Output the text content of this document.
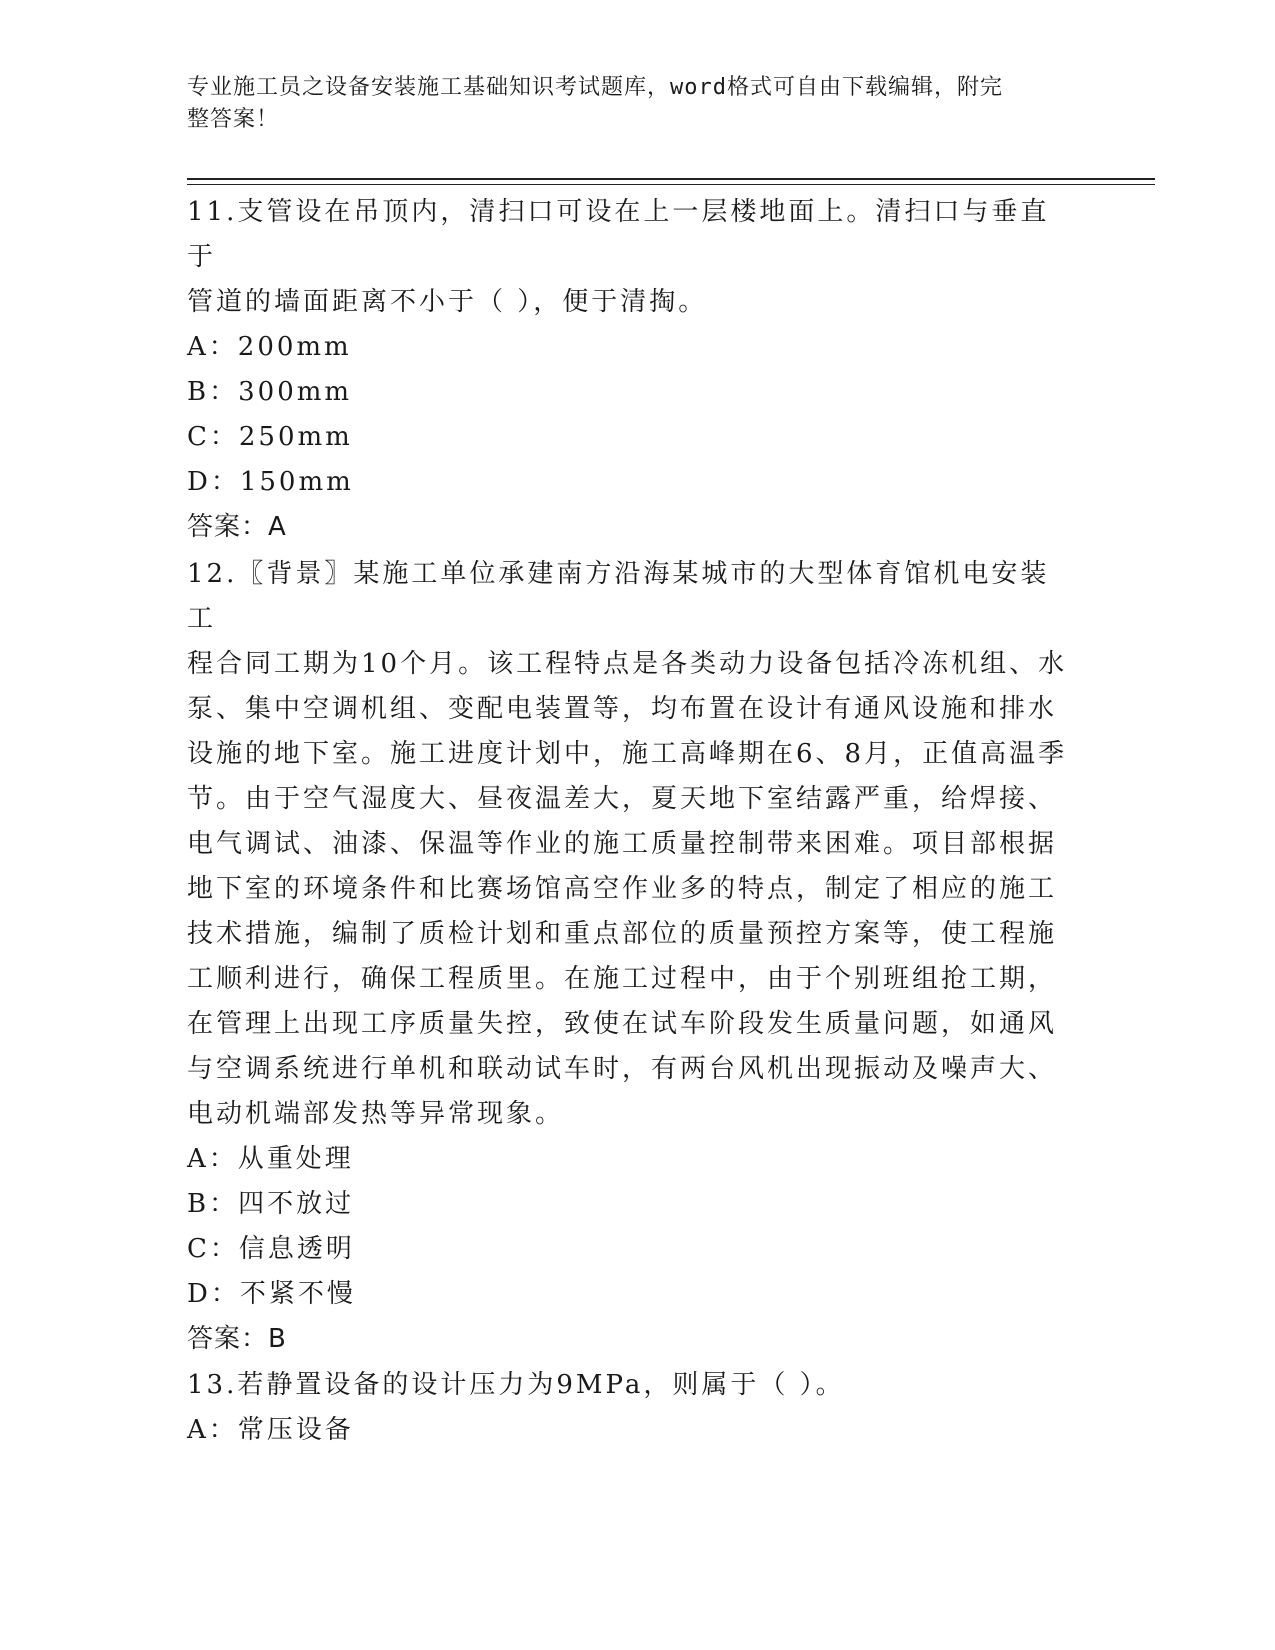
专业施工员之设备安装施工基础知识考试题库，word格式可自由下载编辑，附完
整答案！
11.支管设在吊顶内，清扫口可设在上一层楼地面上。清扫口与垂直于
管道的墙面距离不小于（ ），便于清掏。
A：200mm
B：300mm
C：250mm
D：150mm
答案：A
12.〖背景〗某施工单位承建南方沿海某城市的大型体育馆机电安装工
程合同工期为10个月。该工程特点是各类动力设备包括冷冻机组、水
泵、集中空调机组、变配电装置等，均布置在设计有通风设施和排水
设施的地下室。施工进度计划中，施工高峰期在6、8月，正值高温季
节。由于空气湿度大、昼夜温差大，夏天地下室结露严重，给焊接、
电气调试、油漆、保温等作业的施工质量控制带来困难。项目部根据
地下室的环境条件和比赛场馆高空作业多的特点，制定了相应的施工
技术措施，编制了质检计划和重点部位的质量预控方案等，使工程施
工顺利进行，确保工程质里。在施工过程中，由于个别班组抢工期，
在管理上出现工序质量失控，致使在试车阶段发生质量问题，如通风
与空调系统进行单机和联动试车时，有两台风机出现振动及噪声大、
电动机端部发热等异常现象。
A：从重处理
B：四不放过
C：信息透明
D：不紧不慢
答案：B
13.若静置设备的设计压力为9MPa，则属于（ ）。
A：常压设备
